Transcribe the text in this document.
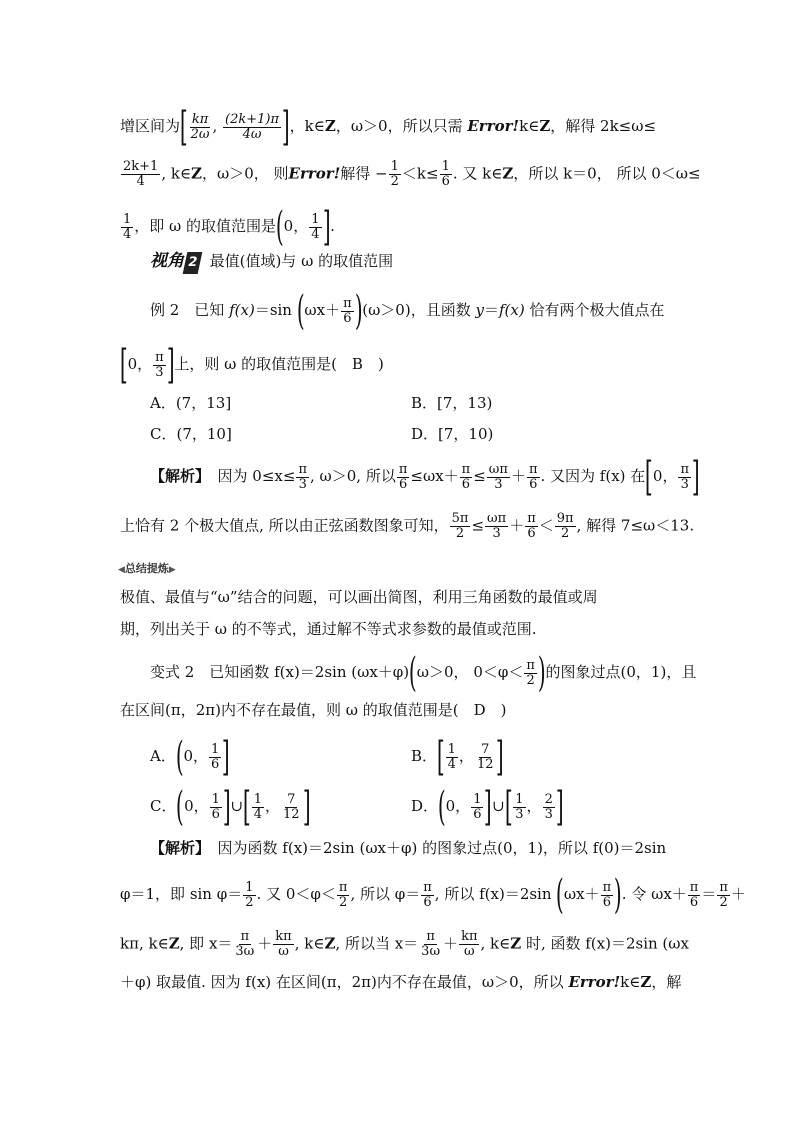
增区间为[ $\frac{k\pi}{2\omega}$ , $\frac{(2k+1)\pi}{4\omega}$ ]，k∈Z，ω＞0，所以只需 Error!k∈Z，解得 2k≤ω≤
$\frac{2k+1}{4}$ , k∈Z，ω＞0， 则Error!解得 − $\frac{1}{2} <k\le \frac{1}{6}$ . 又 k∈Z，所以 k＝0， 所以 0＜ω≤
$\frac{1}{4}$ ，即 ω 的取值范围是(0， $\frac{1}{4}$ ].
视角 2 最值(值域)与 ω 的取值范围
例 2　已知 f(x)＝sin $(\omega x+ \frac{\pi}{6} )(\omega>0)$，且函数 y＝f(x) 恰有两个极大值点在
[0， $\frac{\pi}{3}$ ]上，则 ω 的取值范围是(　B　)
A．(7，13]	B．[7，13)
C．(7，10]	D．[7，10)
【解析】　因为 $0\le x\le \frac{\pi}{3}$ , ω＞0, 所以 $\frac{\pi}{6} \le\omega x+ \frac{\pi}{6} \le \frac{\omega\pi}{3} + \frac{\pi}{6}$ . 又因为 f(x) 在[0， $\frac{\pi}{3}$ ]
上恰有 2 个极大值点, 所以由正弦函数图象可知， $\frac{5\pi}{2} \le \frac{\omega\pi}{3} + \frac{\pi}{6} < \frac{9\pi}{2}$ , 解得 7≤ω＜13.
◀总结提炼▶
极值、最值与“ω”结合的问题，可以画出简图，利用三角函数的最值或周
期，列出关于 ω 的不等式，通过解不等式求参数的最值或范围.
变式 2　已知函数 f(x)＝2sin (ωx＋φ)(ω＞0， $0<\varphi< \frac{\pi}{2}$ )的图象过点(0，1)，且
在区间(π，2π)内不存在最值，则 ω 的取值范围是(　D　)
A．(0， $\frac{1}{6}$ ]	B．[ $\frac{1}{4}$ ， $\frac{7}{12}$ ]
C．(0， $\frac{1}{6}$ ]∪[ $\frac{1}{4}$ ， $\frac{7}{12}$ ]	D．(0， $\frac{1}{6}$ ]∪[ $\frac{1}{3}$ ， $\frac{2}{3}$ ]
【解析】　因为函数 f(x)＝2sin (ωx＋φ) 的图象过点(0，1)，所以 f(0)＝2sin
φ＝1，即 $\sin \varphi= \frac{1}{2}$ . 又 $0<\varphi< \frac{\pi}{2}$ , 所以 $\varphi= \frac{\pi}{6}$ , 所以 f(x)＝2sin ($\omega x+ \frac{\pi}{6}$ ). 令 $\omega x+ \frac{\pi}{6} = \frac{\pi}{2}$ ＋
kπ, k∈Z, 即 $x= \frac{\pi}{3\omega} + \frac{k\pi}{\omega}$ , k∈Z, 所以当 $x= \frac{\pi}{3\omega} + \frac{k\pi}{\omega}$ , k∈Z 时, 函数 f(x)＝2sin (ωx
＋φ) 取最值. 因为 f(x) 在区间(π，2π)内不存在最值，ω＞0，所以 Error!k∈Z，解
